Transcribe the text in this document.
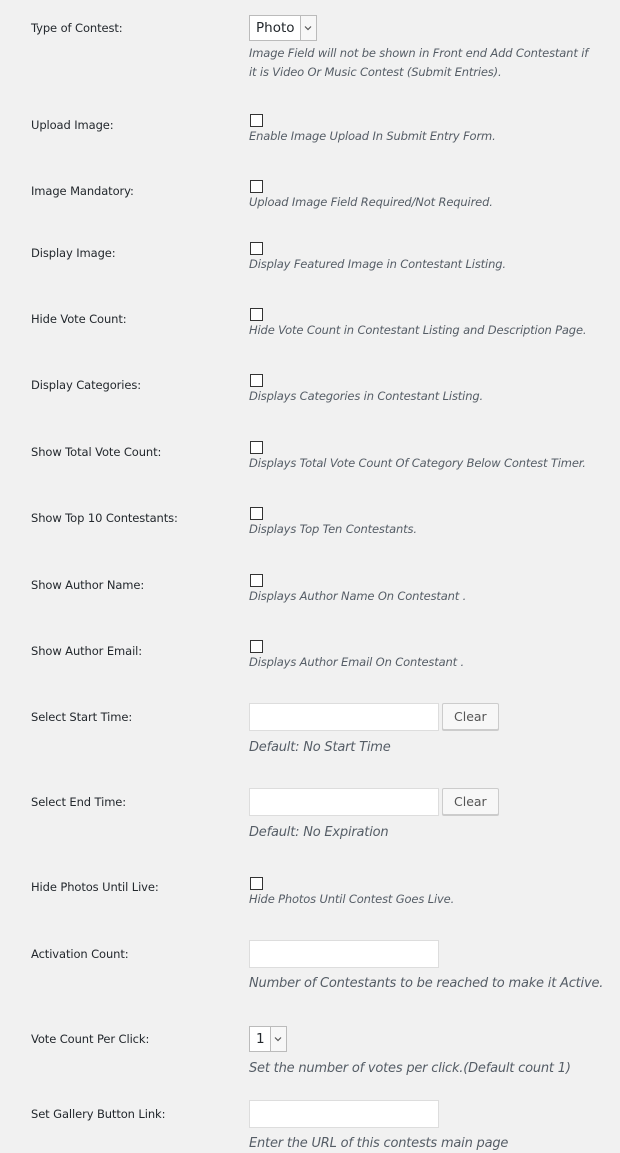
Type of Contest:	Photo
Image Field will not be shown in Front end Add Contestant if
it is Video Or Music Contest (Submit Entries).
Upload Image:
Enable Image Upload In Submit Entry Form.
Image Mandatory:
Upload Image Field Required/Not Required.
Display Image:
Display Featured Image in Contestant Listing.
Hide Vote Count:
Hide Vote Count in Contestant Listing and Description Page.
Display Categories:
Displays Categories in Contestant Listing.
Show Total Vote Count:
Displays Total Vote Count Of Category Below Contest Timer.
Show Top 10 Contestants:
Displays Top Ten Contestants.
Show Author Name:
Displays Author Name On Contestant .
Show Author Email:
Displays Author Email On Contestant .
Select Start Time:	Clear
Default: No Start Time
Select End Time:	Clear
Default: No Expiration
Hide Photos Until Live:
Hide Photos Until Contest Goes Live.
Activation Count:
Number of Contestants to be reached to make it Active.
Vote Count Per Click:	1
Set the number of votes per click.(Default count 1)
Set Gallery Button Link:
Enter the URL of this contests main page
